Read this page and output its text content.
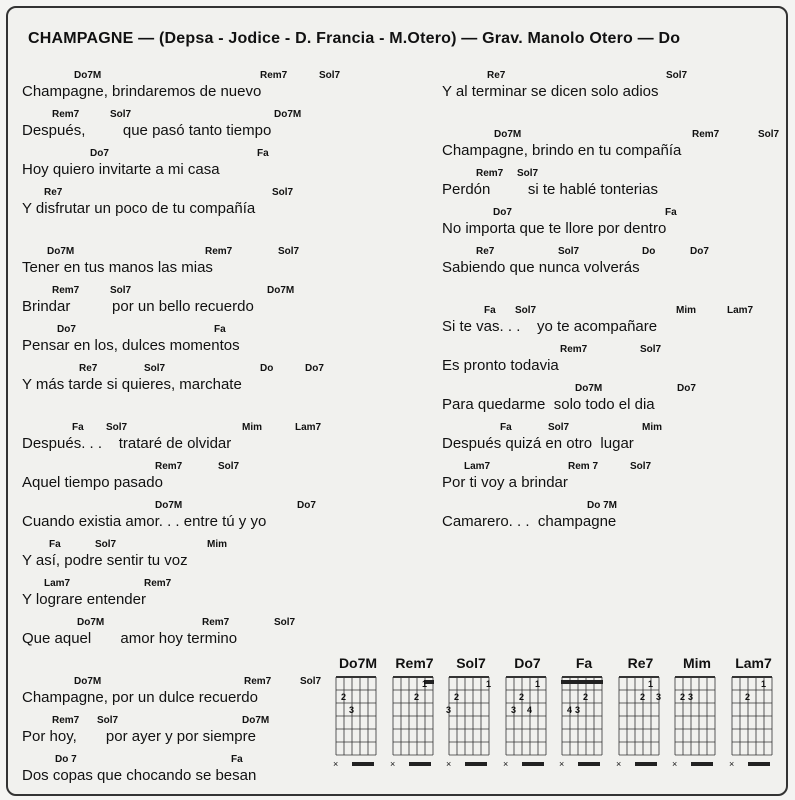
CHAMPAGNE — (Depsa - Jodice - D. Francia - M.Otero) — Grav. Manolo Otero — Do
Do7M	Rem7	Sol7
Champagne, brindaremos de nuevo
Rem7	Sol7	Do7M
Después,         que pasó tanto tiempo
Do7	Fa
Hoy quiero invitarte a mi casa
Re7	Sol7
Y disfrutar un poco de tu compañía
Do7M	Rem7	Sol7
Tener en tus manos las mias
Rem7	Sol7	Do7M
Brindar          por un bello recuerdo
Do7	Fa
Pensar en los, dulces momentos
Re7	Sol7	Do	Do7
Y más tarde si quieres, marchate
Fa Sol7	Mim	Lam7
Después. . .    trataré de olvidar
Rem7	Sol7
Aquel tiempo pasado
Do7M	Do7
Cuando existia amor. . . entre tú y yo
Fa	Sol7	Mim
Y así, podre sentir tu voz
Lam7	Rem7
Y lograre entender
Do7M	Rem7	Sol7
Que aquel       amor hoy termino
Do7M	Rem7	Sol7
Champagne, por un dulce recuerdo
Rem7 Sol7	Do7M
Por hoy,       por ayer y por siempre
Do 7	Fa
Dos copas que chocando se besan
Re7	Sol7
Y al terminar se dicen solo adios
Do7M	Rem7	Sol7
Champagne, brindo en tu compañía
Rem7 Sol7
Perdón         si te hablé tonterias
Do7	Fa
No importa que te llore por dentro
Re7	Sol7	Do	Do7
Sabiendo que nunca volverás
Fa Sol7	Mim	Lam7
Si te vas. . .    yo te acompañare
Rem7	Sol7
Es pronto todavia
Do7M	Do7
Para quedarme  solo todo el dia
Fa	Sol7	Mim
Después quizá en otro  lugar
Lam7	Rem 7	Sol7
Por ti voy a brindar
Do 7M
Camarero. . .  champagne
Do7M
2
3
×
Rem7
2
1
×
Sol7
2
3
1
×
Do7
2
3 4
1
×
Fa
3
4
2
×
Re7
2 3
1
×
Mim
2 3
×
Lam7
2
1
×
